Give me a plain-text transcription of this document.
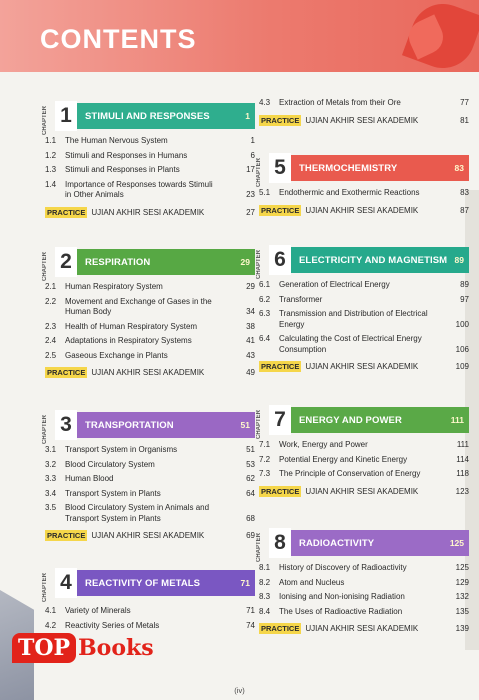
CONTENTS
CHAPTER 1	STIMULI AND RESPONSES	1
1.1	The Human Nervous System	1
1.2	Stimuli and Responses in Humans	6
1.3	Stimuli and Responses in Plants	17
1.4	Importance of Responses towards Stimuli in Other Animals	23
PRACTICE UJIAN AKHIR SESI AKADEMIK	27
CHAPTER 2	RESPIRATION	29
2.1	Human Respiratory System	29
2.2	Movement and Exchange of Gases in the Human Body	34
2.3	Health of Human Respiratory System	38
2.4	Adaptations in Respiratory Systems	41
2.5	Gaseous Exchange in Plants	43
PRACTICE UJIAN AKHIR SESI AKADEMIK	49
CHAPTER 3	TRANSPORTATION	51
3.1	Transport System in Organisms	51
3.2	Blood Circulatory System	53
3.3	Human Blood	62
3.4	Transport System in Plants	64
3.5	Blood Circulatory System in Animals and Transport System in Plants	68
PRACTICE UJIAN AKHIR SESI AKADEMIK	69
CHAPTER 4	REACTIVITY OF METALS	71
4.1	Variety of Minerals	71
4.2	Reactivity Series of Metals	74
4.3	Extraction of Metals from their Ore	77
PRACTICE UJIAN AKHIR SESI AKADEMIK	81
CHAPTER 5	THERMOCHEMISTRY	83
5.1	Endothermic and Exothermic Reactions	83
PRACTICE UJIAN AKHIR SESI AKADEMIK	87
CHAPTER 6	ELECTRICITY AND MAGNETISM 89
6.1	Generation of Electrical Energy	89
6.2	Transformer	97
6.3	Transmission and Distribution of Electrical Energy	100
6.4	Calculating the Cost of Electrical Energy Consumption	106
PRACTICE UJIAN AKHIR SESI AKADEMIK	109
CHAPTER 7	ENERGY AND POWER	111
7.1	Work, Energy and Power	111
7.2	Potential Energy and Kinetic Energy	114
7.3	The Principle of Conservation of Energy	118
PRACTICE UJIAN AKHIR SESI AKADEMIK	123
CHAPTER 8	RADIOACTIVITY	125
8.1	History of Discovery of Radioactivity	125
8.2	Atom and Nucleus	129
8.3	Ionising and Non-ionising Radiation	132
8.4	The Uses of Radioactive Radiation	135
PRACTICE UJIAN AKHIR SESI AKADEMIK	139
TOP Books
(iv)
